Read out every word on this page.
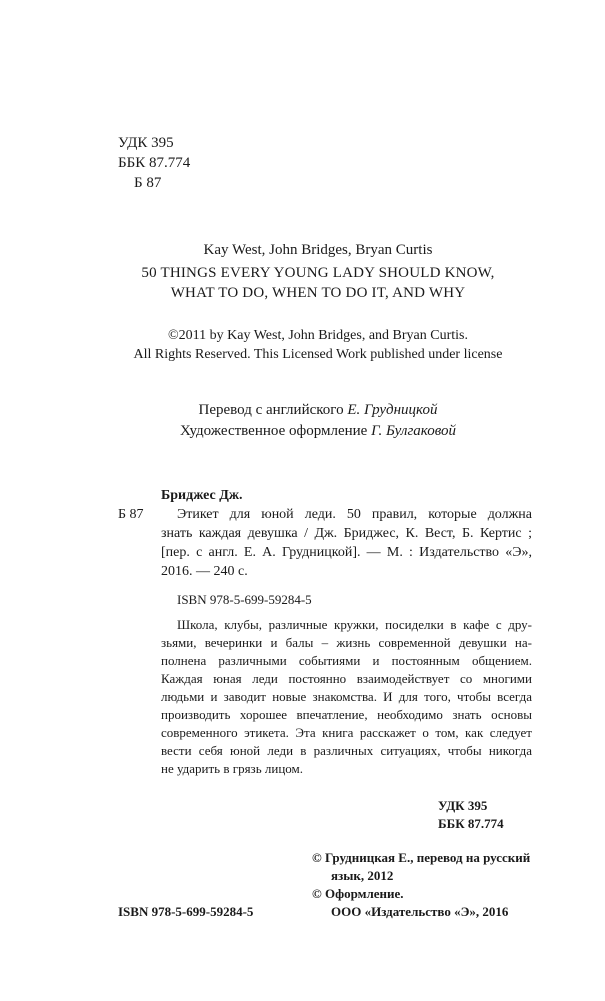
УДК 395
ББК 87.774
Б 87
Kay West, John Bridges, Bryan Curtis
50 THINGS EVERY YOUNG LADY SHOULD KNOW,
WHAT TO DO, WHEN TO DO IT, AND WHY
©2011 by Kay West, John Bridges, and Bryan Curtis.
All Rights Reserved. This Licensed Work published under license
Перевод с английского Е. Грудницкой
Художественное оформление Г. Булгаковой
Бриджес Дж.
Б 87	Этикет для юной леди. 50 правил, которые должна
знать каждая девушка / Дж. Бриджес, К. Вест, Б. Кертис ;
[пер. с англ. Е. А. Грудницкой]. — М. : Издательство «Э»,
2016. — 240 с.
ISBN 978-5-699-59284-5
Школа, клубы, различные кружки, посиделки в кафе с дру-
зьями, вечеринки и балы – жизнь современной девушки на-
полнена различными событиями и постоянным общением.
Каждая юная леди постоянно взаимодействует со многими
людьми и заводит новые знакомства. И для того, чтобы всегда
производить хорошее впечатление, необходимо знать основы
современного этикета. Эта книга расскажет о том, как следует
вести себя юной леди в различных ситуациях, чтобы никогда
не ударить в грязь лицом.
УДК 395
ББК 87.774
© Грудницкая Е., перевод на русский
язык, 2012
© Оформление.
ООО «Издательство «Э», 2016
ISBN 978-5-699-59284-5
